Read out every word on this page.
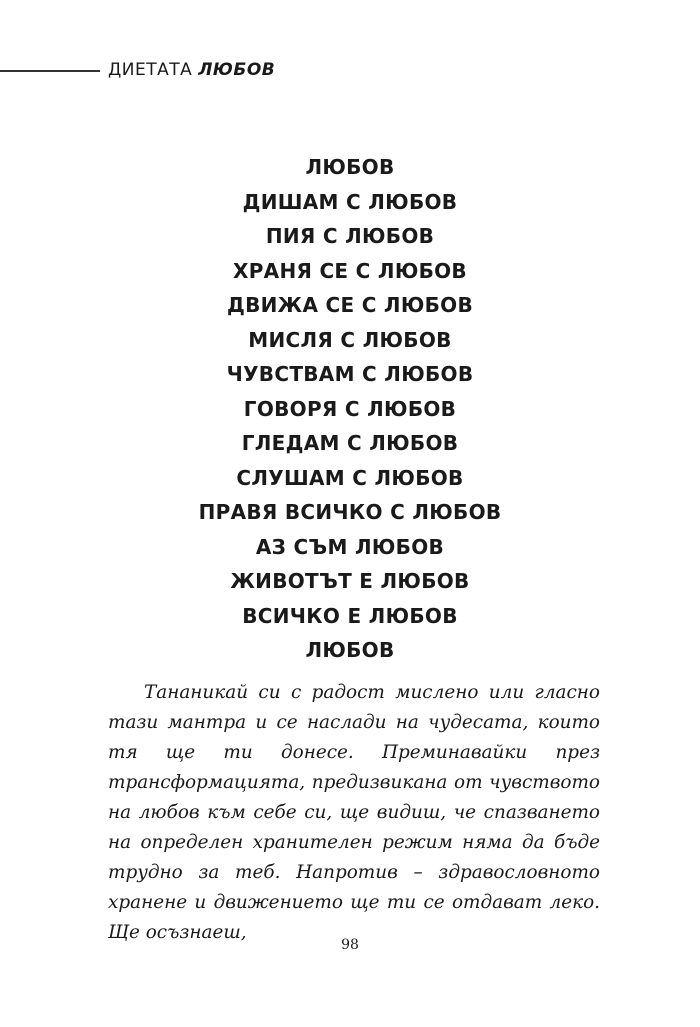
ДИЕТАТА ЛЮБОВ
ЛЮБОВ
ДИШАМ С ЛЮБОВ
ПИЯ С ЛЮБОВ
ХРАНЯ СЕ С ЛЮБОВ
ДВИЖА СЕ С ЛЮБОВ
МИСЛЯ С ЛЮБОВ
ЧУВСТВАМ С ЛЮБОВ
ГОВОРЯ С ЛЮБОВ
ГЛЕДАМ С ЛЮБОВ
СЛУШАМ С ЛЮБОВ
ПРАВЯ ВСИЧКО С ЛЮБОВ
АЗ СЪМ ЛЮБОВ
ЖИВОТЪТ Е ЛЮБОВ
ВСИЧКО Е ЛЮБОВ
ЛЮБОВ

Тананикай си с радост мислено или гласно тази мантра и се наслади на чудесата, които тя ще ти донесе. Преминавайки през трансформацията, предизвикана от чувството на любов към себе си, ще видиш, че спазването на определен хранителен режим няма да бъде трудно за теб. Напротив – здравословното хранене и движението ще ти се отдават леко. Ще осъзнаеш,

98
